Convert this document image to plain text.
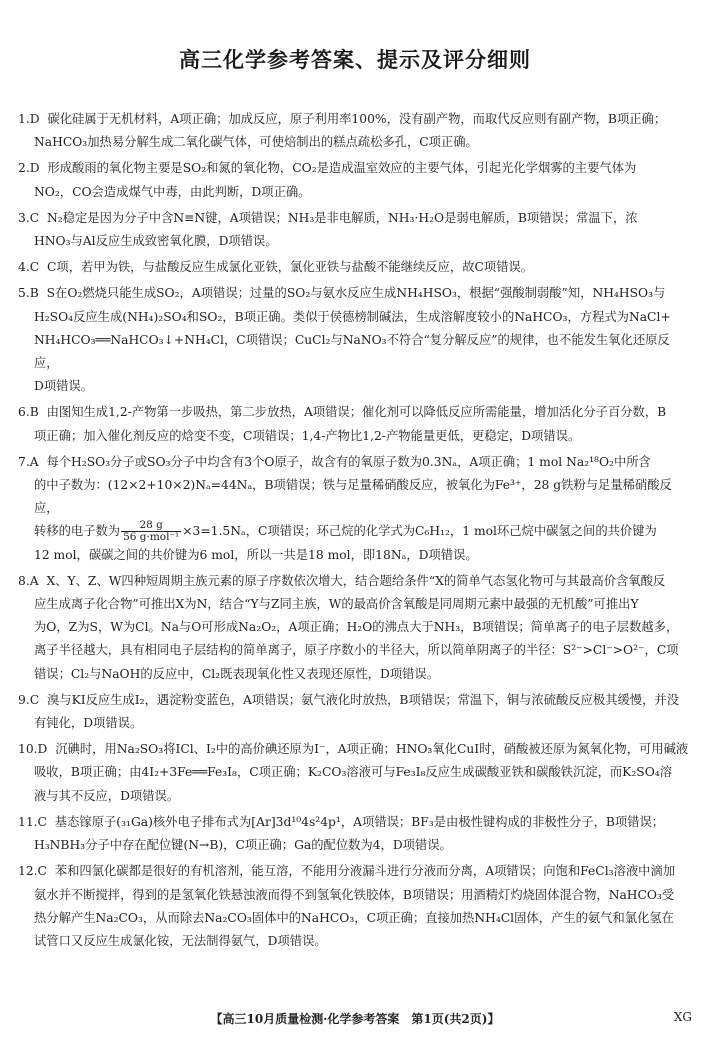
高三化学参考答案、提示及评分细则
1.D 碳化硅属于无机材料，A项正确；加成反应，原子利用率100%，没有副产物，而取代反应则有副产物，B项正确；
NaHCO₃加热易分解生成二氧化碳气体，可使焙制出的糕点疏松多孔，C项正确。
2.D 形成酸雨的氧化物主要是SO₂和氮的氧化物，CO₂是造成温室效应的主要气体，引起光化学烟雾的主要气体为
NO₂，CO会造成煤气中毒，由此判断，D项正确。
3.C N₂稳定是因为分子中含N≡N键，A项错误；NH₃是非电解质，NH₃·H₂O是弱电解质，B项错误；常温下，浓
HNO₃与Al反应生成致密氧化膜，D项错误。
4.C C项，若甲为铁，与盐酸反应生成氯化亚铁，氯化亚铁与盐酸不能继续反应，故C项错误。
5.B S在O₂燃烧只能生成SO₂，A项错误；过量的SO₂与氨水反应生成NH₄HSO₃，根据“强酸制弱酸”知，NH₄HSO₃与
H₂SO₄反应生成(NH₄)₂SO₄和SO₂，B项正确。类似于侯德榜制碱法，生成溶解度较小的NaHCO₃，方程式为NaCl+
NH₄HCO₃══NaHCO₃↓+NH₄Cl，C项错误；CuCl₂与NaNO₃不符合“复分解反应”的规律，也不能发生氧化还原反应，
D项错误。
6.B 由图知生成1,2-产物第一步吸热，第二步放热，A项错误；催化剂可以降低反应所需能量，增加活化分子百分数，B
项正确；加入催化剂反应的焓变不变，C项错误；1,4-产物比1,2-产物能量更低，更稳定，D项错误。
7.A 每个H₂SO₃分子或SO₃分子中均含有3个O原子，故含有的氧原子数为0.3Nₐ，A项正确；1 mol Na₂¹⁸O₂中所含
的中子数为：(12×2+10×2)Nₐ=44Nₐ，B项错误；铁与足量稀硝酸反应，被氧化为Fe³⁺，28 g铁粉与足量稀硝酸反应，
转移的电子数为 $\frac{28 g}{\text{56 g·mol⁻¹}} \times 3=1.5N_a$，C项错误；环己烷的化学式为C₆H₁₂，1 mol环己烷中碳氢之间的共价键为
12 mol，碳碳之间的共价键为6 mol，所以一共是18 mol，即18Nₐ，D项错误。
8.A X、Y、Z、W四种短周期主族元素的原子序数依次增大，结合题给条件“X的简单气态氢化物可与其最高价含氧酸反
应生成离子化合物”可推出X为N，结合“Y与Z同主族，W的最高价含氧酸是同周期元素中最强的无机酸”可推出Y
为O，Z为S，W为Cl。Na与O可形成Na₂O₂，A项正确；H₂O的沸点大于NH₃，B项错误；简单离子的电子层数越多，
离子半径越大，具有相同电子层结构的简单离子，原子序数小的半径大，所以简单阴离子的半径：S²⁻>Cl⁻>O²⁻，C项
错误；Cl₂与NaOH的反应中，Cl₂既表现氧化性又表现还原性，D项错误。
9.C 溴与KI反应生成I₂，遇淀粉变蓝色，A项错误；氨气液化时放热，B项错误；常温下，铜与浓硫酸反应极其缓慢，并没
有钝化，D项错误。
10.D 沉碘时，用Na₂SO₃将ICl、I₂中的高价碘还原为I⁻，A项正确；HNO₃氧化CuI时，硝酸被还原为氮氧化物，可用碱液
吸收，B项正确；由4I₂+3Fe══Fe₃I₈，C项正确；K₂CO₃溶液可与Fe₃I₈反应生成碳酸亚铁和碳酸铁沉淀，而K₂SO₄溶
液与其不反应，D项错误。
11.C 基态镓原子(₃₁Ga)核外电子排布式为[Ar]3d¹⁰4s²4p¹，A项错误；BF₃是由极性键构成的非极性分子，B项错误；
H₃NBH₃分子中存在配位键(N→B)，C项正确；Ga的配位数为4，D项错误。
12.C 苯和四氯化碳都是很好的有机溶剂，能互溶，不能用分液漏斗进行分液而分离，A项错误；向饱和FeCl₃溶液中滴加
氨水并不断搅拌，得到的是氢氧化铁悬浊液而得不到氢氧化铁胶体，B项错误；用酒精灯灼烧固体混合物，NaHCO₃受
热分解产生Na₂CO₃，从而除去Na₂CO₃固体中的NaHCO₃，C项正确；直接加热NH₄Cl固体，产生的氨气和氯化氢在
试管口又反应生成氯化铵，无法制得氨气，D项错误。
【高三10月质量检测·化学参考答案　第1页(共2页)】	XG
